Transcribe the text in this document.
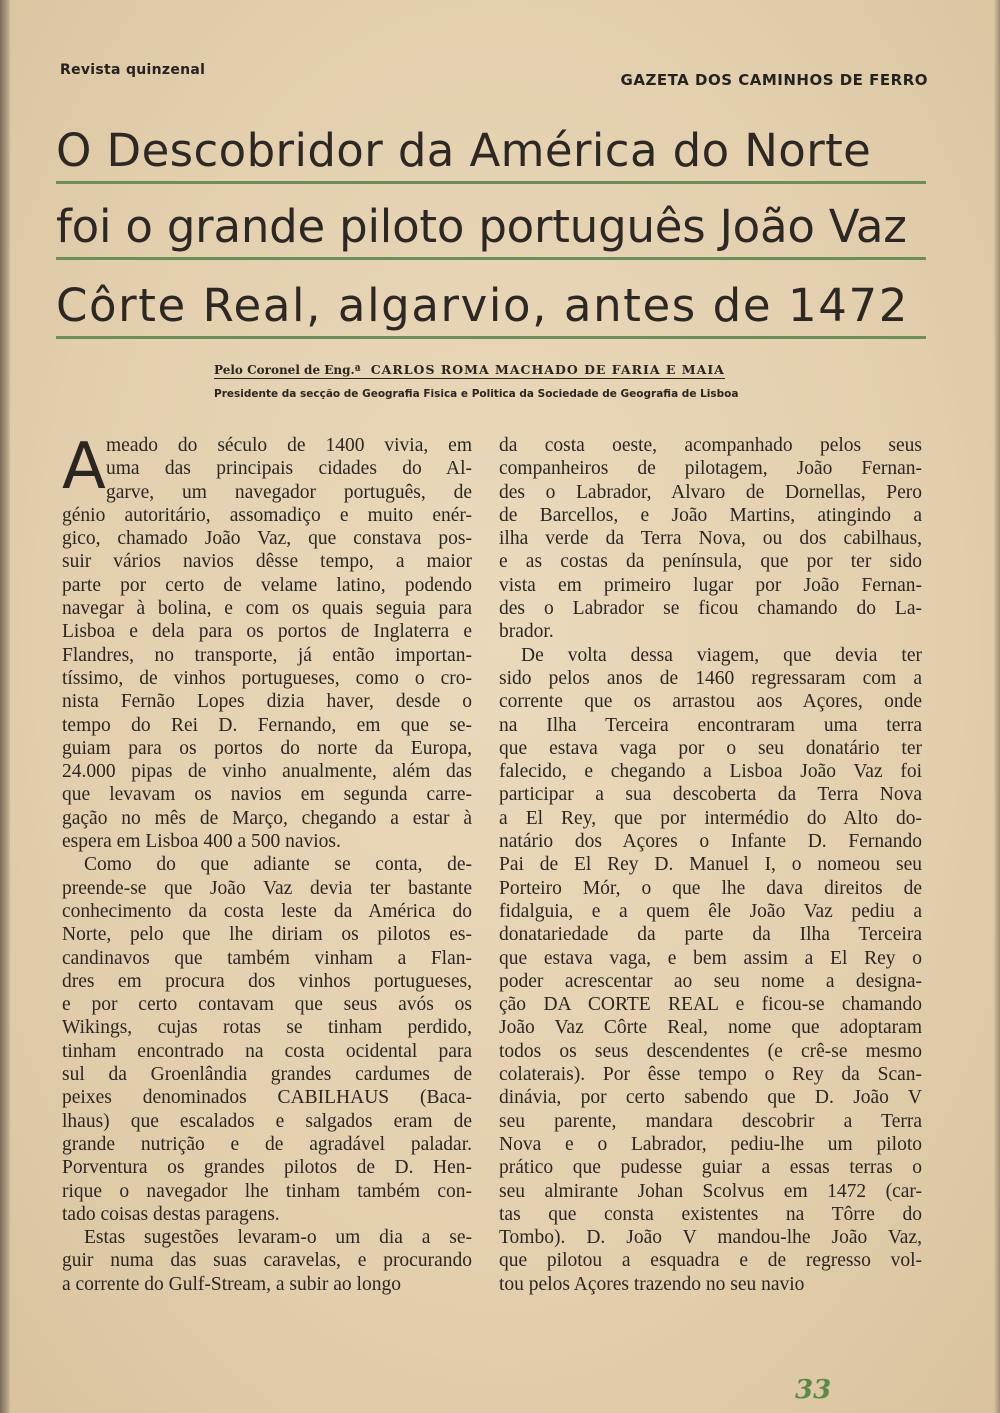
Revista quinzenal
GAZETA DOS CAMINHOS DE FERRO
O Descobridor da América do Norte
foi o grande piloto português João Vaz
Côrte Real, algarvio, antes de 1472
Pelo Coronel de Eng.ª CARLOS ROMA MACHADO DE FARIA E MAIA
Presidente da secção de Geografia Fisica e Politica da Sociedade de Geografia de Lisboa
A meado do século de 1400 vivia, em
uma das principais cidades do Al-
garve, um navegador português, de
génio autoritário, assomadiço e muito enér-
gico, chamado João Vaz, que constava pos-
suir vários navios dêsse tempo, a maior
parte por certo de velame latino, podendo
navegar à bolina, e com os quais seguia para
Lisboa e dela para os portos de Inglaterra e
Flandres, no transporte, já então importan-
tíssimo, de vinhos portugueses, como o cro-
nista Fernão Lopes dizia haver, desde o
tempo do Rei D. Fernando, em que se-
guiam para os portos do norte da Europa,
24.000 pipas de vinho anualmente, além das
que levavam os navios em segunda carre-
gação no mês de Março, chegando a estar à
espera em Lisboa 400 a 500 navios.

Como do que adiante se conta, de-
preende-se que João Vaz devia ter bastante
conhecimento da costa leste da América do
Norte, pelo que lhe diriam os pilotos es-
candinavos que também vinham a Flan-
dres em procura dos vinhos portugueses,
e por certo contavam que seus avós os
Wikings, cujas rotas se tinham perdido,
tinham encontrado na costa ocidental para
sul da Groenlândia grandes cardumes de
peixes denominados CABILHAUS (Baca-
lhaus) que escalados e salgados eram de
grande nutrição e de agradável paladar.
Porventura os grandes pilotos de D. Hen-
rique o navegador lhe tinham também con-
tado coisas destas paragens.

Estas sugestões levaram-o um dia a se-
guir numa das suas caravelas, e procurando
a corrente do Gulf-Stream, a subir ao longo

da costa oeste, acompanhado pelos seus
companheiros de pilotagem, João Fernan-
des o Labrador, Alvaro de Dornellas, Pero
de Barcellos, e João Martins, atingindo a
ilha verde da Terra Nova, ou dos cabilhaus,
e as costas da península, que por ter sido
vista em primeiro lugar por João Fernan-
des o Labrador se ficou chamando do La-
brador.

De volta dessa viagem, que devia ter
sido pelos anos de 1460 regressaram com a
corrente que os arrastou aos Açores, onde
na Ilha Terceira encontraram uma terra
que estava vaga por o seu donatário ter
falecido, e chegando a Lisboa João Vaz foi
participar a sua descoberta da Terra Nova
a El Rey, que por intermédio do Alto do-
natário dos Açores o Infante D. Fernando
Pai de El Rey D. Manuel I, o nomeou seu
Porteiro Mór, o que lhe dava direitos de
fidalguia, e a quem êle João Vaz pediu a
donatariedade da parte da Ilha Terceira
que estava vaga, e bem assim a El Rey o
poder acrescentar ao seu nome a designa-
ção DA CORTE REAL e ficou-se chamando
João Vaz Côrte Real, nome que adoptaram
todos os seus descendentes (e crê-se mesmo
colaterais). Por êsse tempo o Rey da Scan-
dinávia, por certo sabendo que D. João V
seu parente, mandara descobrir a Terra
Nova e o Labrador, pediu-lhe um piloto
prático que pudesse guiar a essas terras o
seu almirante Johan Scolvus em 1472 (car-
tas que consta existentes na Tôrre do
Tombo). D. João V mandou-lhe João Vaz,
que pilotou a esquadra e de regresso vol-
tou pelos Açores trazendo no seu navio

33
